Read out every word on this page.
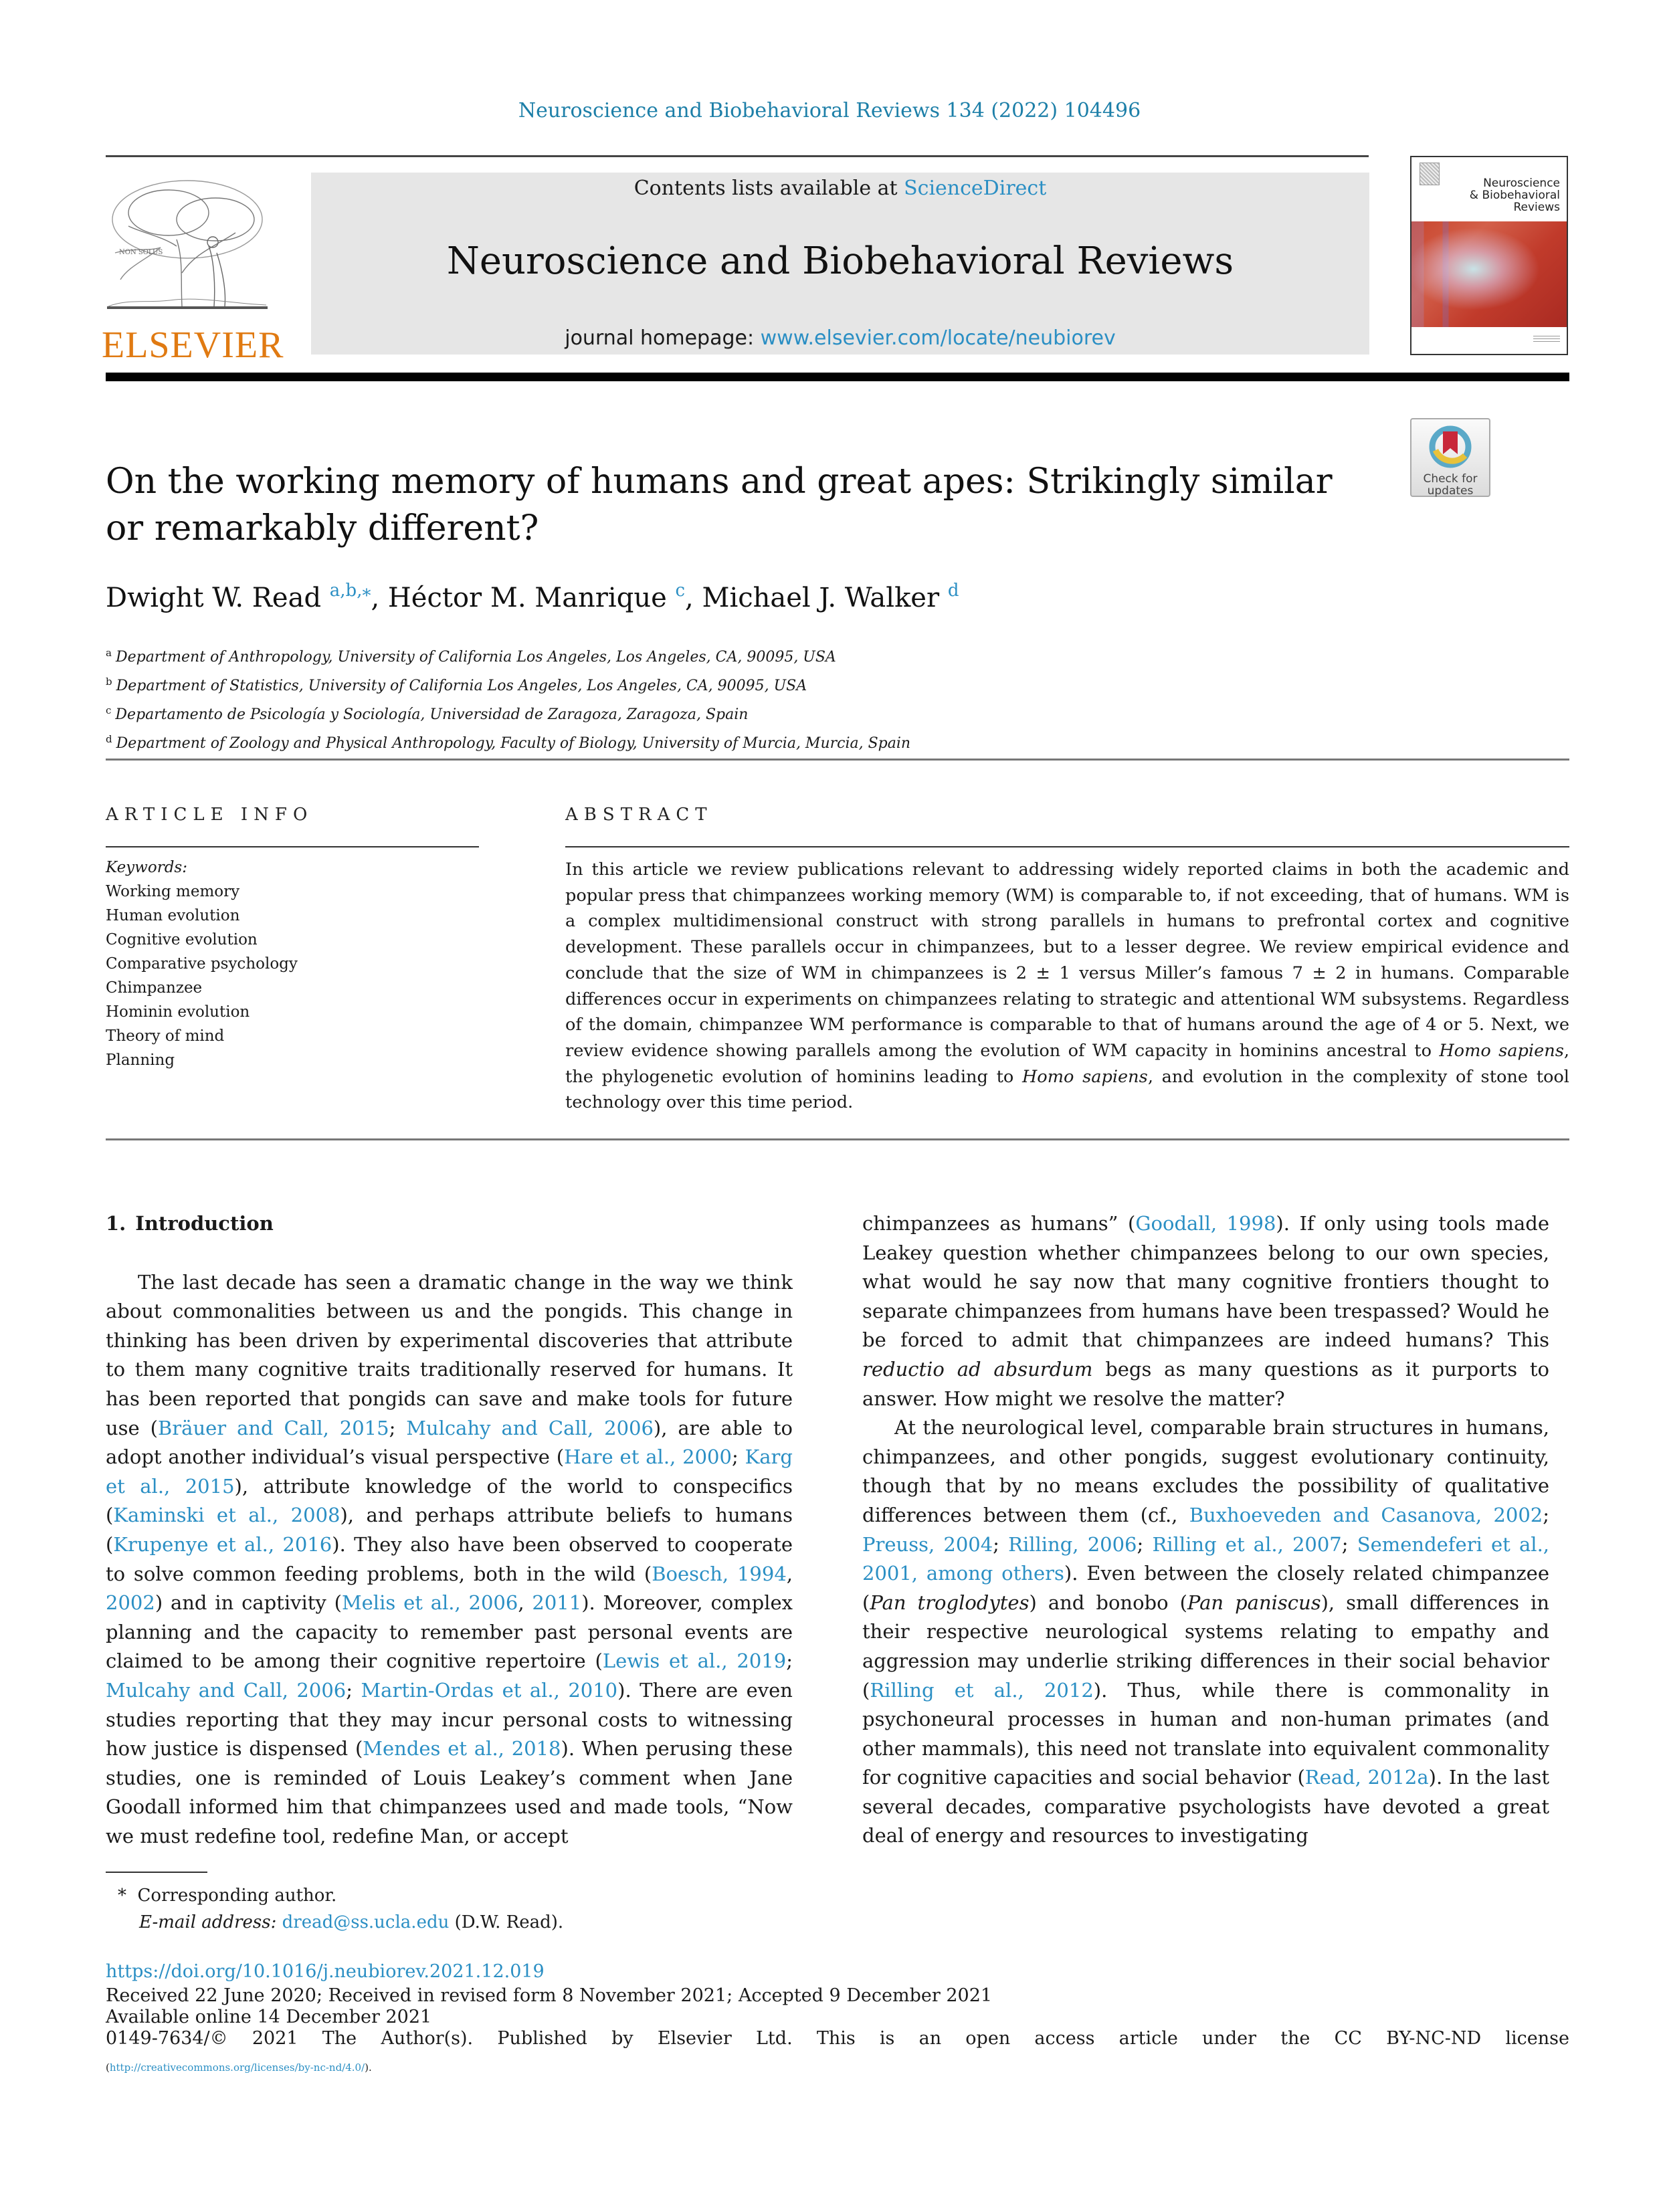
Neuroscience and Biobehavioral Reviews 134 (2022) 104496
NON SOLUS
ELSEVIER
Contents lists available at ScienceDirect
Neuroscience and Biobehavioral Reviews
journal homepage: www.elsevier.com/locate/neubiorev
Neuroscience
& Biobehavioral
Reviews
On the working memory of humans and great apes: Strikingly similar or remarkably different?
Check for
updates
Dwight W. Read $^{a,b,⁎}$, Héctor M. Manrique $^c$, Michael J. Walker $^d$
$^a$ Department of Anthropology, University of California Los Angeles, Los Angeles, CA, 90095, USA
$^b$ Department of Statistics, University of California Los Angeles, Los Angeles, CA, 90095, USA
$^c$ Departamento de Psicología y Sociología, Universidad de Zaragoza, Zaragoza, Spain
$^d$ Department of Zoology and Physical Anthropology, Faculty of Biology, University of Murcia, Murcia, Spain
ARTICLE INFO
Keywords:
Working memory
Human evolution
Cognitive evolution
Comparative psychology
Chimpanzee
Hominin evolution
Theory of mind
Planning
ABSTRACT

In this article we review publications relevant to addressing widely reported claims in both the academic and popular press that chimpanzees working memory (WM) is comparable to, if not exceeding, that of humans. WM is a complex multidimensional construct with strong parallels in humans to prefrontal cortex and cognitive development. These parallels occur in chimpanzees, but to a lesser degree. We review empirical evidence and conclude that the size of WM in chimpanzees is 2 ± 1 versus Miller’s famous 7 ± 2 in humans. Comparable differences occur in experiments on chimpanzees relating to strategic and attentional WM subsystems. Regardless of the domain, chimpanzee WM performance is comparable to that of humans around the age of 4 or 5. Next, we review evidence showing parallels among the evolution of WM capacity in hominins ancestral to Homo sapiens, the phylogenetic evolution of hominins leading to Homo sapiens, and evolution in the complexity of stone tool technology over this time period.

1. Introduction

The last decade has seen a dramatic change in the way we think about commonalities between us and the pongids. This change in thinking has been driven by experimental discoveries that attribute to them many cognitive traits traditionally reserved for humans. It has been reported that pongids can save and make tools for future use (Bräuer and Call, 2015; Mulcahy and Call, 2006), are able to adopt another individual’s visual perspective (Hare et al., 2000; Karg et al., 2015), attribute knowledge of the world to conspecifics (Kaminski et al., 2008), and perhaps attribute beliefs to humans (Krupenye et al., 2016). They also have been observed to cooperate to solve common feeding problems, both in the wild (Boesch, 1994, 2002) and in captivity (Melis et al., 2006, 2011). Moreover, complex planning and the capacity to remember past personal events are claimed to be among their cognitive repertoire (Lewis et al., 2019; Mulcahy and Call, 2006; Martin-Ordas et al., 2010). There are even studies reporting that they may incur personal costs to witnessing how justice is dispensed (Mendes et al., 2018). When perusing these studies, one is reminded of Louis Leakey’s comment when Jane Goodall informed him that chimpanzees used and made tools, “Now we must redefine tool, redefine Man, or accept

chimpanzees as humans” (Goodall, 1998). If only using tools made Leakey question whether chimpanzees belong to our own species, what would he say now that many cognitive frontiers thought to separate chimpanzees from humans have been trespassed? Would he be forced to admit that chimpanzees are indeed humans? This reductio ad absurdum begs as many questions as it purports to answer. How might we resolve the matter?

At the neurological level, comparable brain structures in humans, chimpanzees, and other pongids, suggest evolutionary continuity, though that by no means excludes the possibility of qualitative differences between them (cf., Buxhoeveden and Casanova, 2002; Preuss, 2004; Rilling, 2006; Rilling et al., 2007; Semendeferi et al., 2001, among others). Even between the closely related chimpanzee (Pan troglodytes) and bonobo (Pan paniscus), small differences in their respective neurological systems relating to empathy and aggression may underlie striking differences in their social behavior (Rilling et al., 2012). Thus, while there is commonality in psychoneural processes in human and non-human primates (and other mammals), this need not translate into equivalent commonality for cognitive capacities and social behavior (Read, 2012a). In the last several decades, comparative psychologists have devoted a great deal of energy and resources to investigating

* Corresponding author.
E-mail address: dread@ss.ucla.edu (D.W. Read).
https://doi.org/10.1016/j.neubiorev.2021.12.019
Received 22 June 2020; Received in revised form 8 November 2021; Accepted 9 December 2021
Available online 14 December 2021
0149-7634/© 2021 The Author(s). Published by Elsevier Ltd. This is an open access article under the CC BY-NC-ND license
(http://creativecommons.org/licenses/by-nc-nd/4.0/).
